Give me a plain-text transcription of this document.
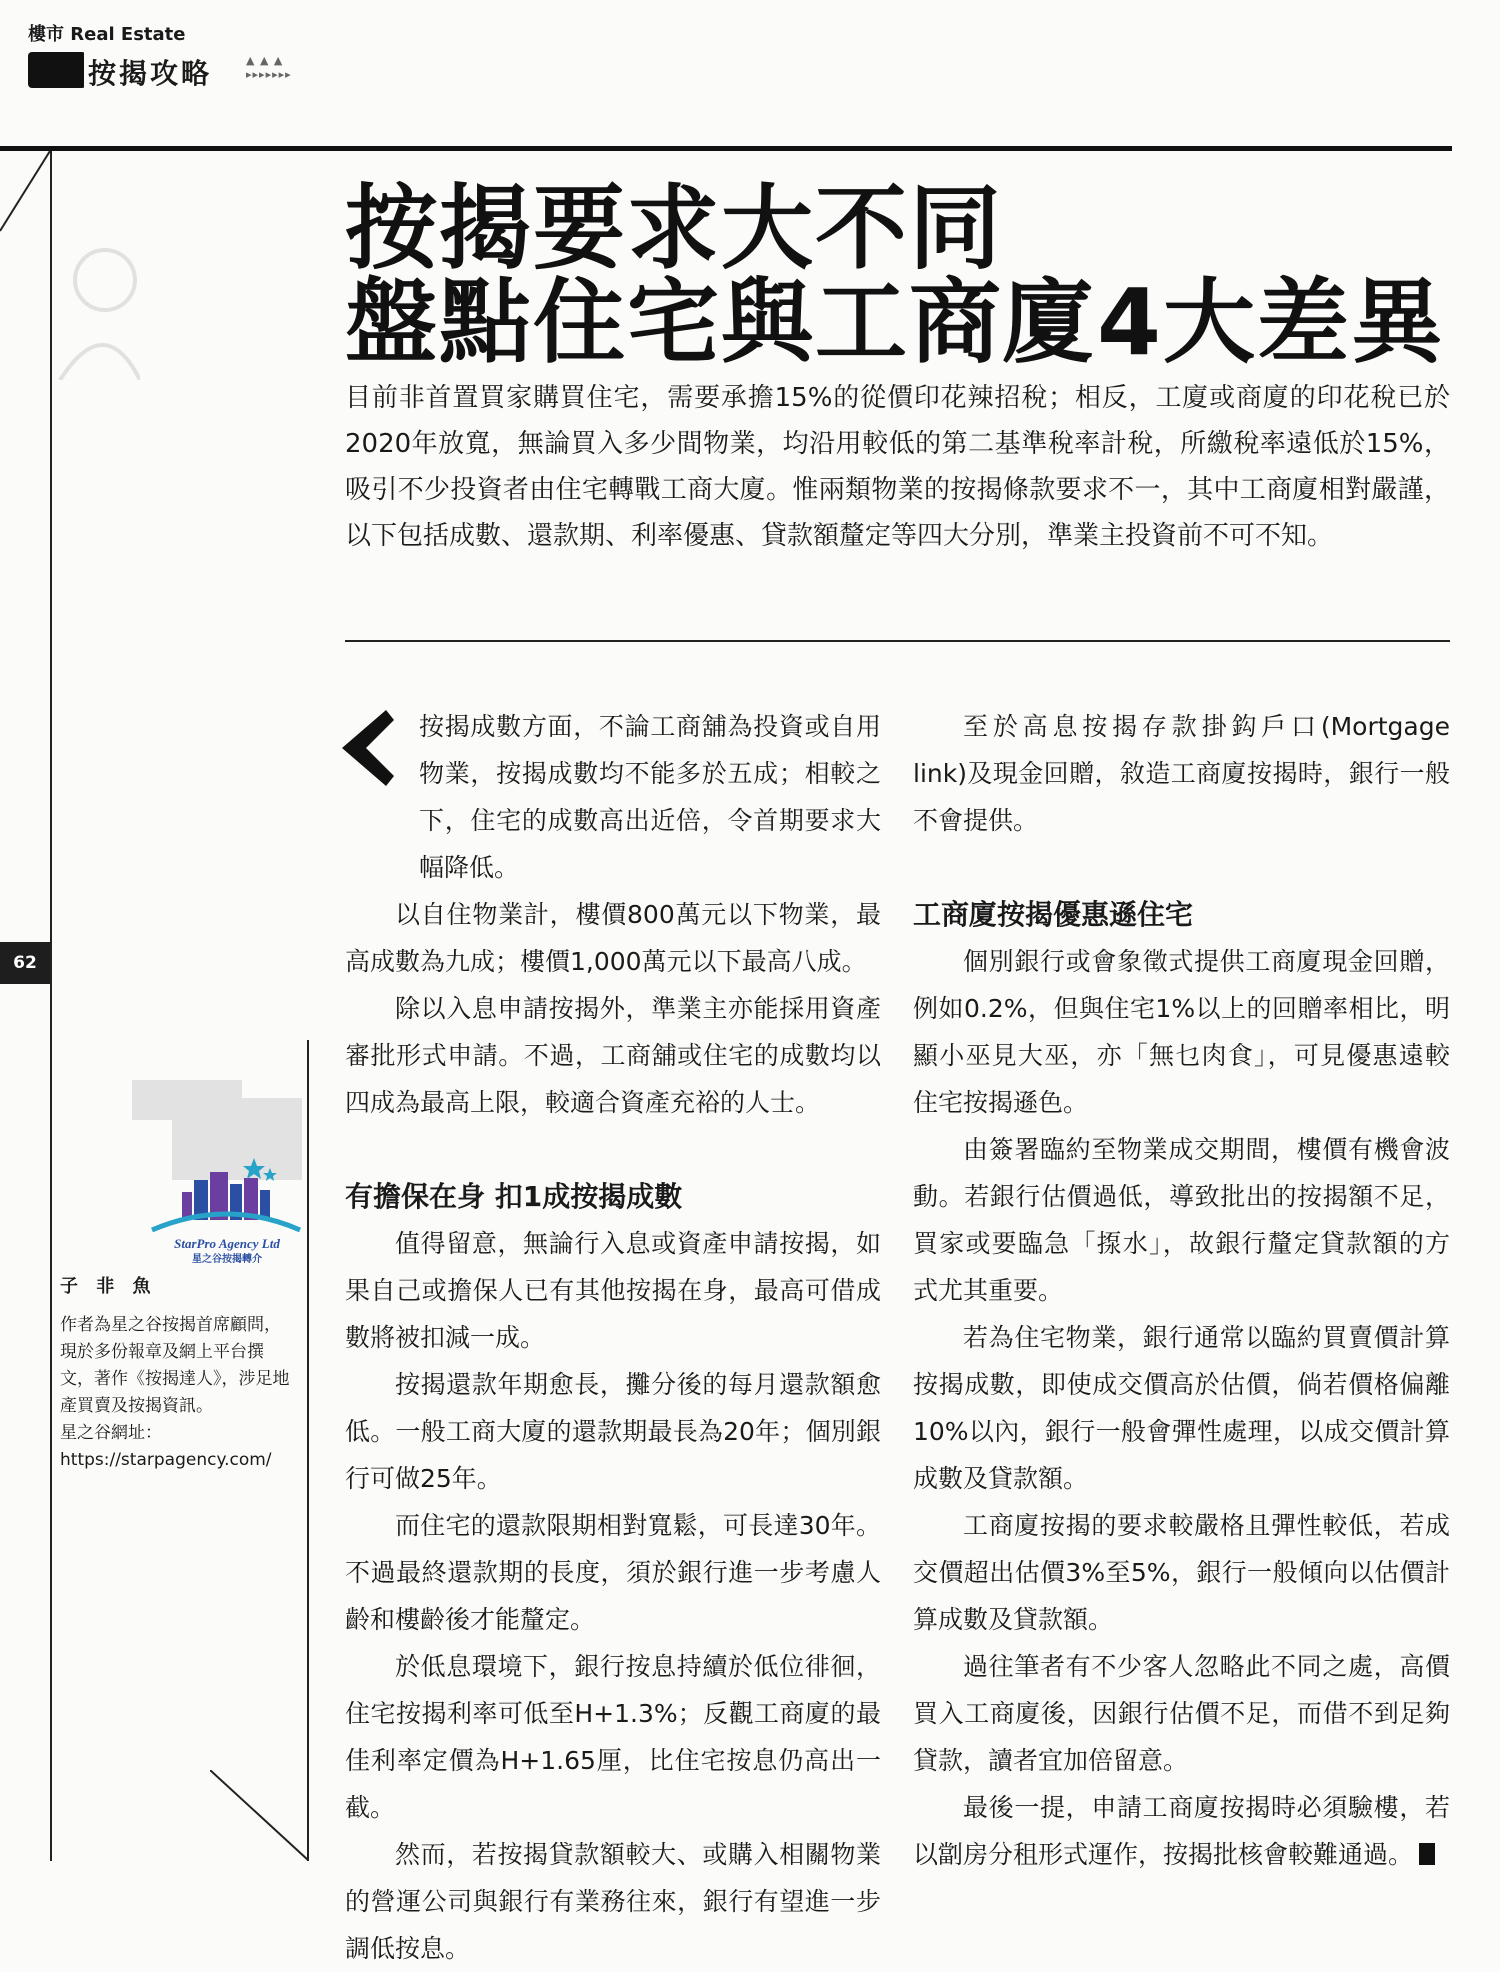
樓市 Real Estate
按揭攻略	▲ ▲ ▲
▸▸▸▸▸▸▸
62
按揭要求大不同
盤點住宅與工商廈4大差異
目前非首置買家購買住宅，需要承擔15%的從價印花辣招稅；相反，工廈或商廈的印花稅已於2020年放寬，無論買入多少間物業，均沿用較低的第二基準稅率計稅，所繳稅率遠低於15%，吸引不少投資者由住宅轉戰工商大廈。惟兩類物業的按揭條款要求不一，其中工商廈相對嚴謹，以下包括成數、還款期、利率優惠、貸款額釐定等四大分別，準業主投資前不可不知。

按揭成數方面，不論工商舖為投資或自用物業，按揭成數均不能多於五成；相較之下，住宅的成數高出近倍，令首期要求大幅降低。

以自住物業計，樓價800萬元以下物業，最高成數為九成；樓價1,000萬元以下最高八成。

除以入息申請按揭外，準業主亦能採用資產審批形式申請。不過，工商舖或住宅的成數均以四成為最高上限，較適合資產充裕的人士。

有擔保在身 扣1成按揭成數

值得留意，無論行入息或資產申請按揭，如果自己或擔保人已有其他按揭在身，最高可借成數將被扣減一成。

按揭還款年期愈長，攤分後的每月還款額愈低。一般工商大廈的還款期最長為20年；個別銀行可做25年。

而住宅的還款限期相對寬鬆，可長達30年。不過最終還款期的長度，須於銀行進一步考慮人齡和樓齡後才能釐定。

於低息環境下，銀行按息持續於低位徘徊，住宅按揭利率可低至H+1.3%；反觀工商廈的最佳利率定價為H+1.65厘，比住宅按息仍高出一截。

然而，若按揭貸款額較大、或購入相關物業的營運公司與銀行有業務往來，銀行有望進一步調低按息。

至於高息按揭存款掛鈎戶口(Mortgage link)及現金回贈，敘造工商廈按揭時，銀行一般不會提供。

工商廈按揭優惠遜住宅

個別銀行或會象徵式提供工商廈現金回贈，例如0.2%，但與住宅1%以上的回贈率相比，明顯小巫見大巫，亦「無乜肉食」，可見優惠遠較住宅按揭遜色。

由簽署臨約至物業成交期間，樓價有機會波動。若銀行估價過低，導致批出的按揭額不足，買家或要臨急「揼水」，故銀行釐定貸款額的方式尤其重要。

若為住宅物業，銀行通常以臨約買賣價計算按揭成數，即使成交價高於估價，倘若價格偏離10%以內，銀行一般會彈性處理，以成交價計算成數及貸款額。

工商廈按揭的要求較嚴格且彈性較低，若成交價超出估價3%至5%，銀行一般傾向以估價計算成數及貸款額。

過往筆者有不少客人忽略此不同之處，高價買入工商廈後，因銀行估價不足，而借不到足夠貸款，讀者宜加倍留意。

最後一提，申請工商廈按揭時必須驗樓，若以劏房分租形式運作，按揭批核會較難通過。

StarPro Agency Ltd
星之谷按揭轉介
子 非 魚
作者為星之谷按揭首席顧問，現於多份報章及網上平台撰文，著作《按揭達人》，涉足地產買賣及按揭資訊。
星之谷網址：
https://starpagency.com/
